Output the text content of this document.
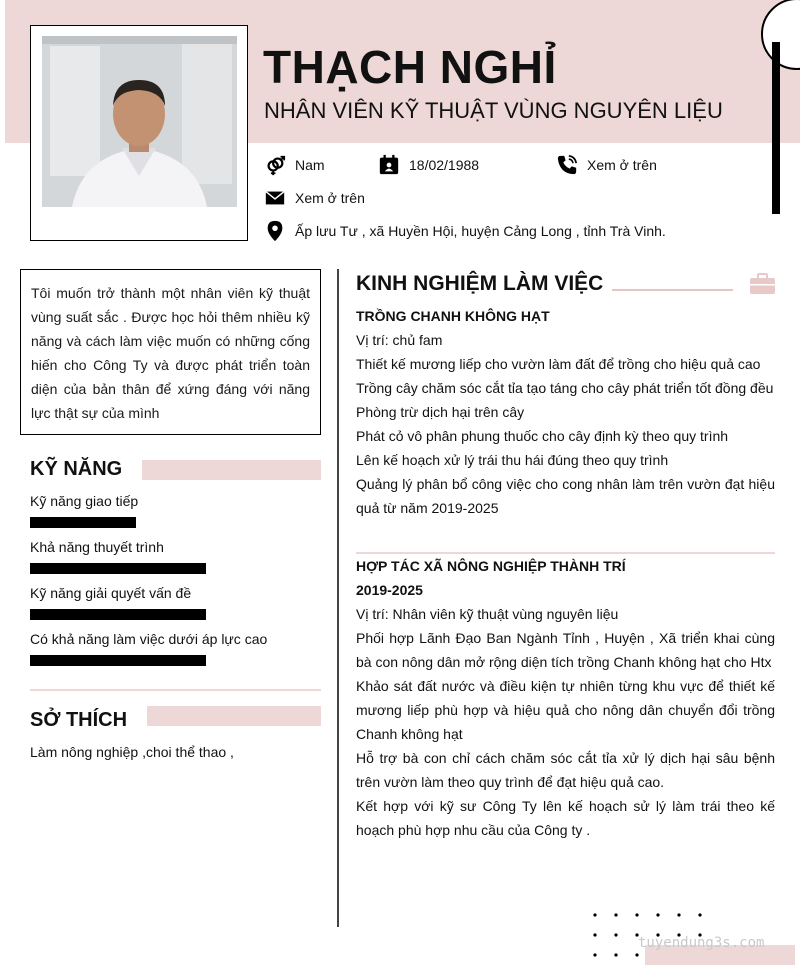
THẠCH NGHỈ
NHÂN VIÊN KỸ THUẬT VÙNG NGUYÊN LIỆU
Nam	18/02/1988	Xem ở trên
Xem ở trên
Ấp lưu Tư , xã Huyền Hội, huyện Cảng Long , tỉnh Trà Vinh.
Tôi muốn trở thành một nhân viên kỹ thuật vùng suất sắc . Được học hỏi thêm nhiều kỹ năng và cách làm việc muốn có những cống hiến cho Công Ty và được phát triển toàn diện của bản thân để xứng đáng với năng lực thật sự của mình
KỸ NĂNG
Kỹ năng giao tiếp
Khả năng thuyết trình
Kỹ năng giải quyết vấn đề
Có khả năng làm việc dưới áp lực cao
SỞ THÍCH
Làm nông nghiệp ,choi thể thao ,
KINH NGHIỆM LÀM VIỆC
TRỒNG CHANH KHÔNG HẠT
Vị trí: chủ fam
Thiết kế mương liếp cho vườn làm đất để trồng cho hiệu quả cao
Trồng cây chăm sóc cắt tỉa tạo táng cho cây phát triển tốt đồng đều
Phòng trừ dịch hại trên cây
Phát cỏ vô phân phung thuốc cho cây định kỳ theo quy trình
Lên kế hoạch xử lý trái thu hái đúng theo quy trình
Quảng lý phân bổ công việc cho cong nhân làm trên vườn đạt hiệu quả từ năm 2019-2025
HỢP TÁC XÃ NÔNG NGHIỆP THÀNH TRÍ
2019-2025
Vị trí: Nhân viên kỹ thuật vùng nguyên liệu
Phối hợp Lãnh Đạo Ban Ngành Tỉnh , Huyện , Xã triển khai cùng bà con nông dân mở rộng diện tích trồng Chanh không hạt cho Htx
Khảo sát đất nước và điều kiện tự nhiên từng khu vực để thiết kế mương liếp phù hợp và hiệu quả cho nông dân chuyển đổi trồng Chanh không hạt
Hỗ trợ bà con chỉ cách chăm sóc cắt tỉa xử lý dịch hại sâu bệnh trên vườn làm theo quy trình để đạt hiệu quả cao.
Kết hợp với kỹ sư Công Ty lên kế hoạch sử lý làm trái theo kế hoạch phù hợp nhu cầu của Công ty .
tuyendung3s.com
